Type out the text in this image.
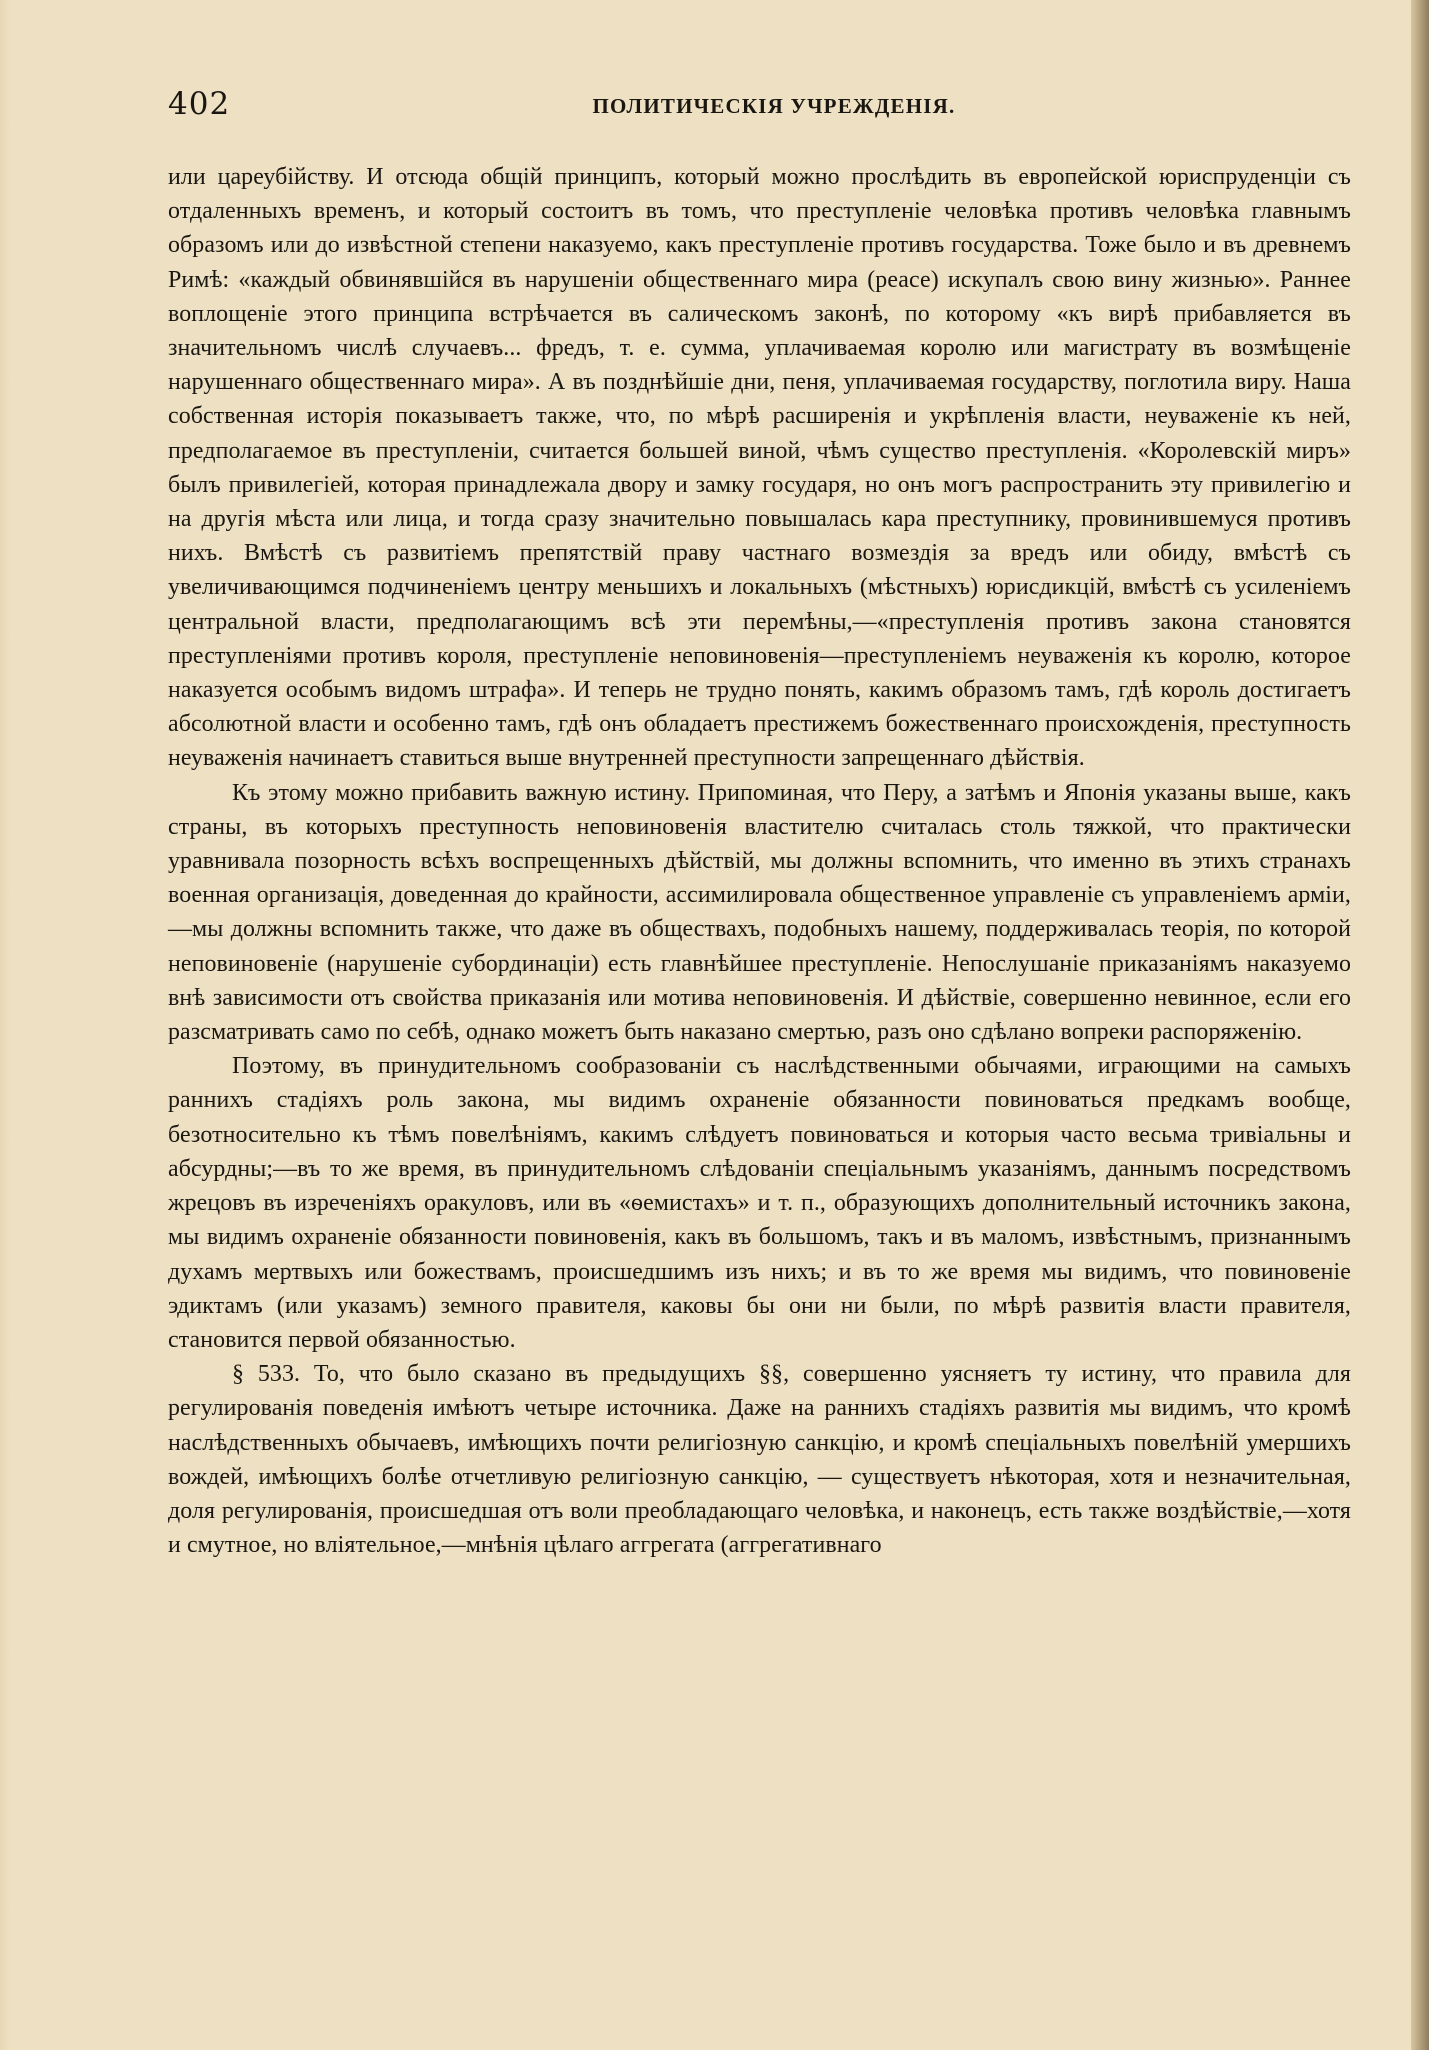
402	ПОЛИТИЧЕСКІЯ УЧРЕЖДЕНІЯ.

или цареубійству. И отсюда общій принципъ, который можно прослѣдить въ европейской юриспруденціи съ отдаленныхъ временъ, и который состоитъ въ томъ, что преступленіе человѣка противъ человѣка главнымъ образомъ или до извѣстной степени наказуемо, какъ преступленіе противъ государства. Тоже было и въ древнемъ Римѣ: «каждый обвинявшійся въ нарушеніи общественнаго мира (pеасе) искупалъ свою вину жизнью». Раннее воплощеніе этого принципа встрѣчается въ салическомъ законѣ, по которому «къ вирѣ прибавляется въ значительномъ числѣ случаевъ... фредъ, т. е. сумма, уплачиваемая королю или магистрату въ возмѣщеніе нарушеннаго общественнаго мира». А въ позднѣйшіе дни, пеня, уплачиваемая государству, поглотила виру. Наша собственная исторія показываетъ также, что, по мѣрѣ расширенія и укрѣпленія власти, неуваженіе къ ней, предполагаемое въ преступленіи, считается большей виной, чѣмъ существо преступленія. «Королевскій миръ» былъ привилегіей, которая принадлежала двору и замку государя, но онъ могъ распространить эту привилегію и на другія мѣста или лица, и тогда сразу значительно повышалась кара преступнику, провинившемуся противъ нихъ. Вмѣстѣ съ развитіемъ препятствій праву частнаго возмездія за вредъ или обиду, вмѣстѣ съ увеличивающимся подчиненіемъ центру меньшихъ и локальныхъ (мѣстныхъ) юрисдикцій, вмѣстѣ съ усиленіемъ центральной власти, предполагающимъ всѣ эти перемѣны,—«преступленія противъ закона становятся преступленіями противъ короля, преступленіе неповиновенія—преступленіемъ неуваженія къ королю, которое наказуется особымъ видомъ штрафа». И теперь не трудно понять, какимъ образомъ тамъ, гдѣ король достигаетъ абсолютной власти и особенно тамъ, гдѣ онъ обладаетъ престижемъ божественнаго происхожденія, преступность неуваженія начинаетъ ставиться выше внутренней преступности запрещеннаго дѣйствія.

Къ этому можно прибавить важную истину. Припоминая, что Перу, а затѣмъ и Японія указаны выше, какъ страны, въ которыхъ преступность неповиновенія властителю считалась столь тяжкой, что практически уравнивала позорность всѣхъ воспрещенныхъ дѣйствій, мы должны вспомнить, что именно въ этихъ странахъ военная организація, доведенная до крайности, ассимилировала общественное управленіе съ управленіемъ арміи,—мы должны вспомнить также, что даже въ обществахъ, подобныхъ нашему, поддерживалась теорія, по которой неповиновеніе (нарушеніе субординаціи) есть главнѣйшее преступленіе. Непослушаніе приказаніямъ наказуемо внѣ зависимости отъ свойства приказанія или мотива неповиновенія. И дѣйствіе, совершенно невинное, если его разсматривать само по себѣ, однако можетъ быть наказано смертью, разъ оно сдѣлано вопреки распоряженію.

Поэтому, въ принудительномъ сообразованіи съ наслѣдственными обычаями, играющими на самыхъ раннихъ стадіяхъ роль закона, мы видимъ охраненіе обязанности повиноваться предкамъ вообще, безотносительно къ тѣмъ повелѣніямъ, какимъ слѣдуетъ повиноваться и которыя часто весьма тривіальны и абсурдны;—въ то же время, въ принудительномъ слѣдованіи спеціальнымъ указаніямъ, даннымъ посредствомъ жрецовъ въ изреченіяхъ оракуловъ, или въ «ѳемистахъ» и т. п., образующихъ дополнительный источникъ закона, мы видимъ охраненіе обязанности повиновенія, какъ въ большомъ, такъ и въ маломъ, извѣстнымъ, признаннымъ духамъ мертвыхъ или божествамъ, происшедшимъ изъ нихъ; и въ то же время мы видимъ, что повиновеніе эдиктамъ (или указамъ) земного правителя, каковы бы они ни были, по мѣрѣ развитія власти правителя, становится первой обязанностью.

§ 533. То, что было сказано въ предыдущихъ §§, совершенно уясняетъ ту истину, что правила для регулированія поведенія имѣютъ четыре источника. Даже на раннихъ стадіяхъ развитія мы видимъ, что кромѣ наслѣдственныхъ обычаевъ, имѣющихъ почти религіозную санкцію, и кромѣ спеціальныхъ повелѣній умершихъ вождей, имѣющихъ болѣе отчетливую религіозную санкцію, — существуетъ нѣкоторая, хотя и незначительная, доля регулированія, происшедшая отъ воли преобладающаго человѣка, и наконецъ, есть также воздѣйствіе,—хотя и смутное, но вліятельное,—мнѣнія цѣлаго аггрегата (аггрегативнаго
